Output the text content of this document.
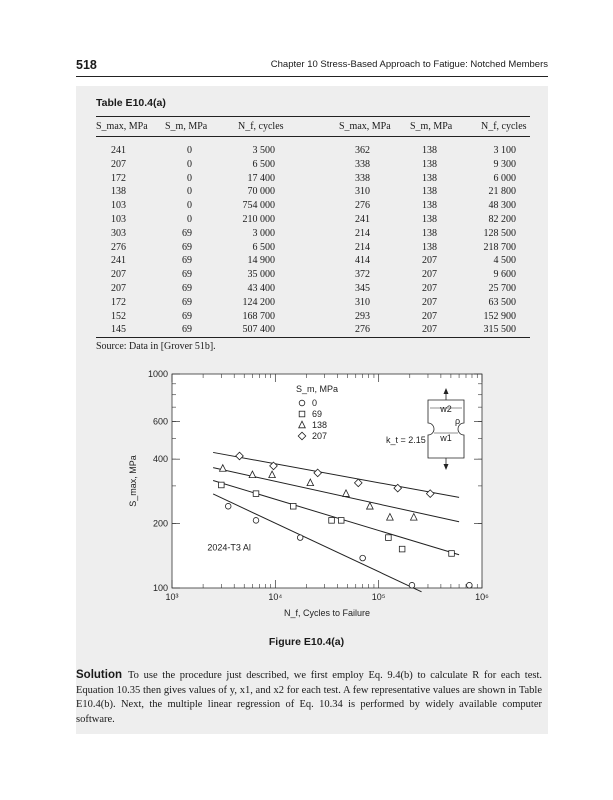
518	Chapter 10 Stress-Based Approach to Fatigue: Notched Members
Table E10.4(a)
S_max, MPa S_m, MPa	N_f, cycles	S_max, MPa S_m, MPa	N_f, cycles
241	0	3 500	362	138	3 100
207	0	6 500	338	138	9 300
172	0	17 400	338	138	6 000
138	0	70 000	310	138	21 800
103	0	754 000	276	138	48 300
103	0	210 000	241	138	82 200
303	69	3 000	214	138	128 500
276	69	6 500	214	138	218 700
241	69	14 900	414	207	4 500
207	69	35 000	372	207	9 600
207	69	43 400	345	207	25 700
172	69	124 200	310	207	63 500
152	69	168 700	293	207	152 900
145	69	507 400	276	207	315 500
Source: Data in [Grover 51b].
10³	10⁴	10⁵	10⁶
100
200
400
600
1000
N_f, Cycles to Failure
S_max, MPa
S_m, MPa
0
69
138
207
2024-T3 Al
k_t = 2.15
w2
ρ
w1
Figure E10.4(a)
Solution To use the procedure just described, we first employ Eq. 9.4(b) to calculate R for each test. Equation 10.35 then gives values of y, x1, and x2 for each test. A few representative values are shown in Table E10.4(b). Next, the multiple linear regression of Eq. 10.34 is performed by widely available computer software.
